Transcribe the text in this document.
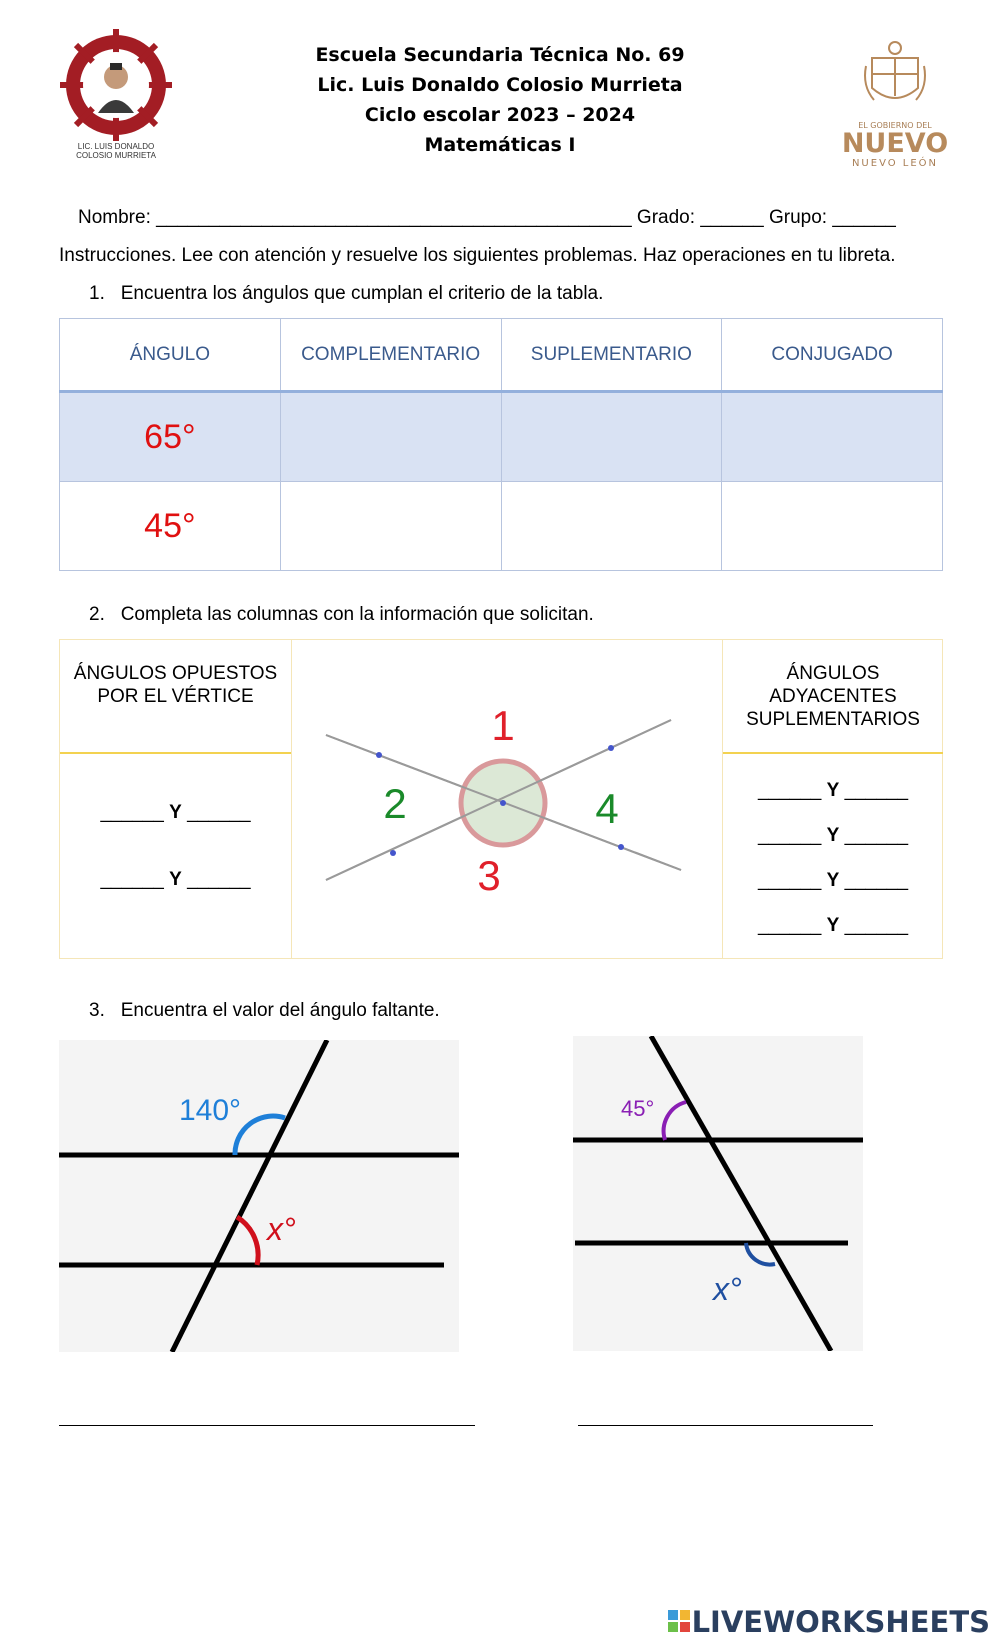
LIC. LUIS DONALDO
COLOSIO MURRIETA
Escuela Secundaria Técnica No. 69
Lic. Luis Donaldo Colosio Murrieta
Ciclo escolar 2023 – 2024
Matemáticas I
EL GOBIERNO DEL
NUEVO
NUEVO LEÓN
Nombre: _____________________________________________ Grado: ______ Grupo: ______
Instrucciones. Lee con atención y resuelve los siguientes problemas. Haz operaciones en tu libreta.
1. Encuentra los ángulos que cumplan el criterio de la tabla.
ÁNGULO	COMPLEMENTARIO	SUPLEMENTARIO	CONJUGADO
65°			
45°			
2. Completa las columnas con la información que solicitan.
ÁNGULOS OPUESTOS
POR EL VÉRTICE
______ Y ______
______ Y ______
1
2
3
4
ÁNGULOS
ADYACENTES
SUPLEMENTARIOS
______ Y ______
______ Y ______
______ Y ______
______ Y ______
3. Encuentra el valor del ángulo faltante.
140°
x°
45°
x°
LIVEWORKSHEETS
